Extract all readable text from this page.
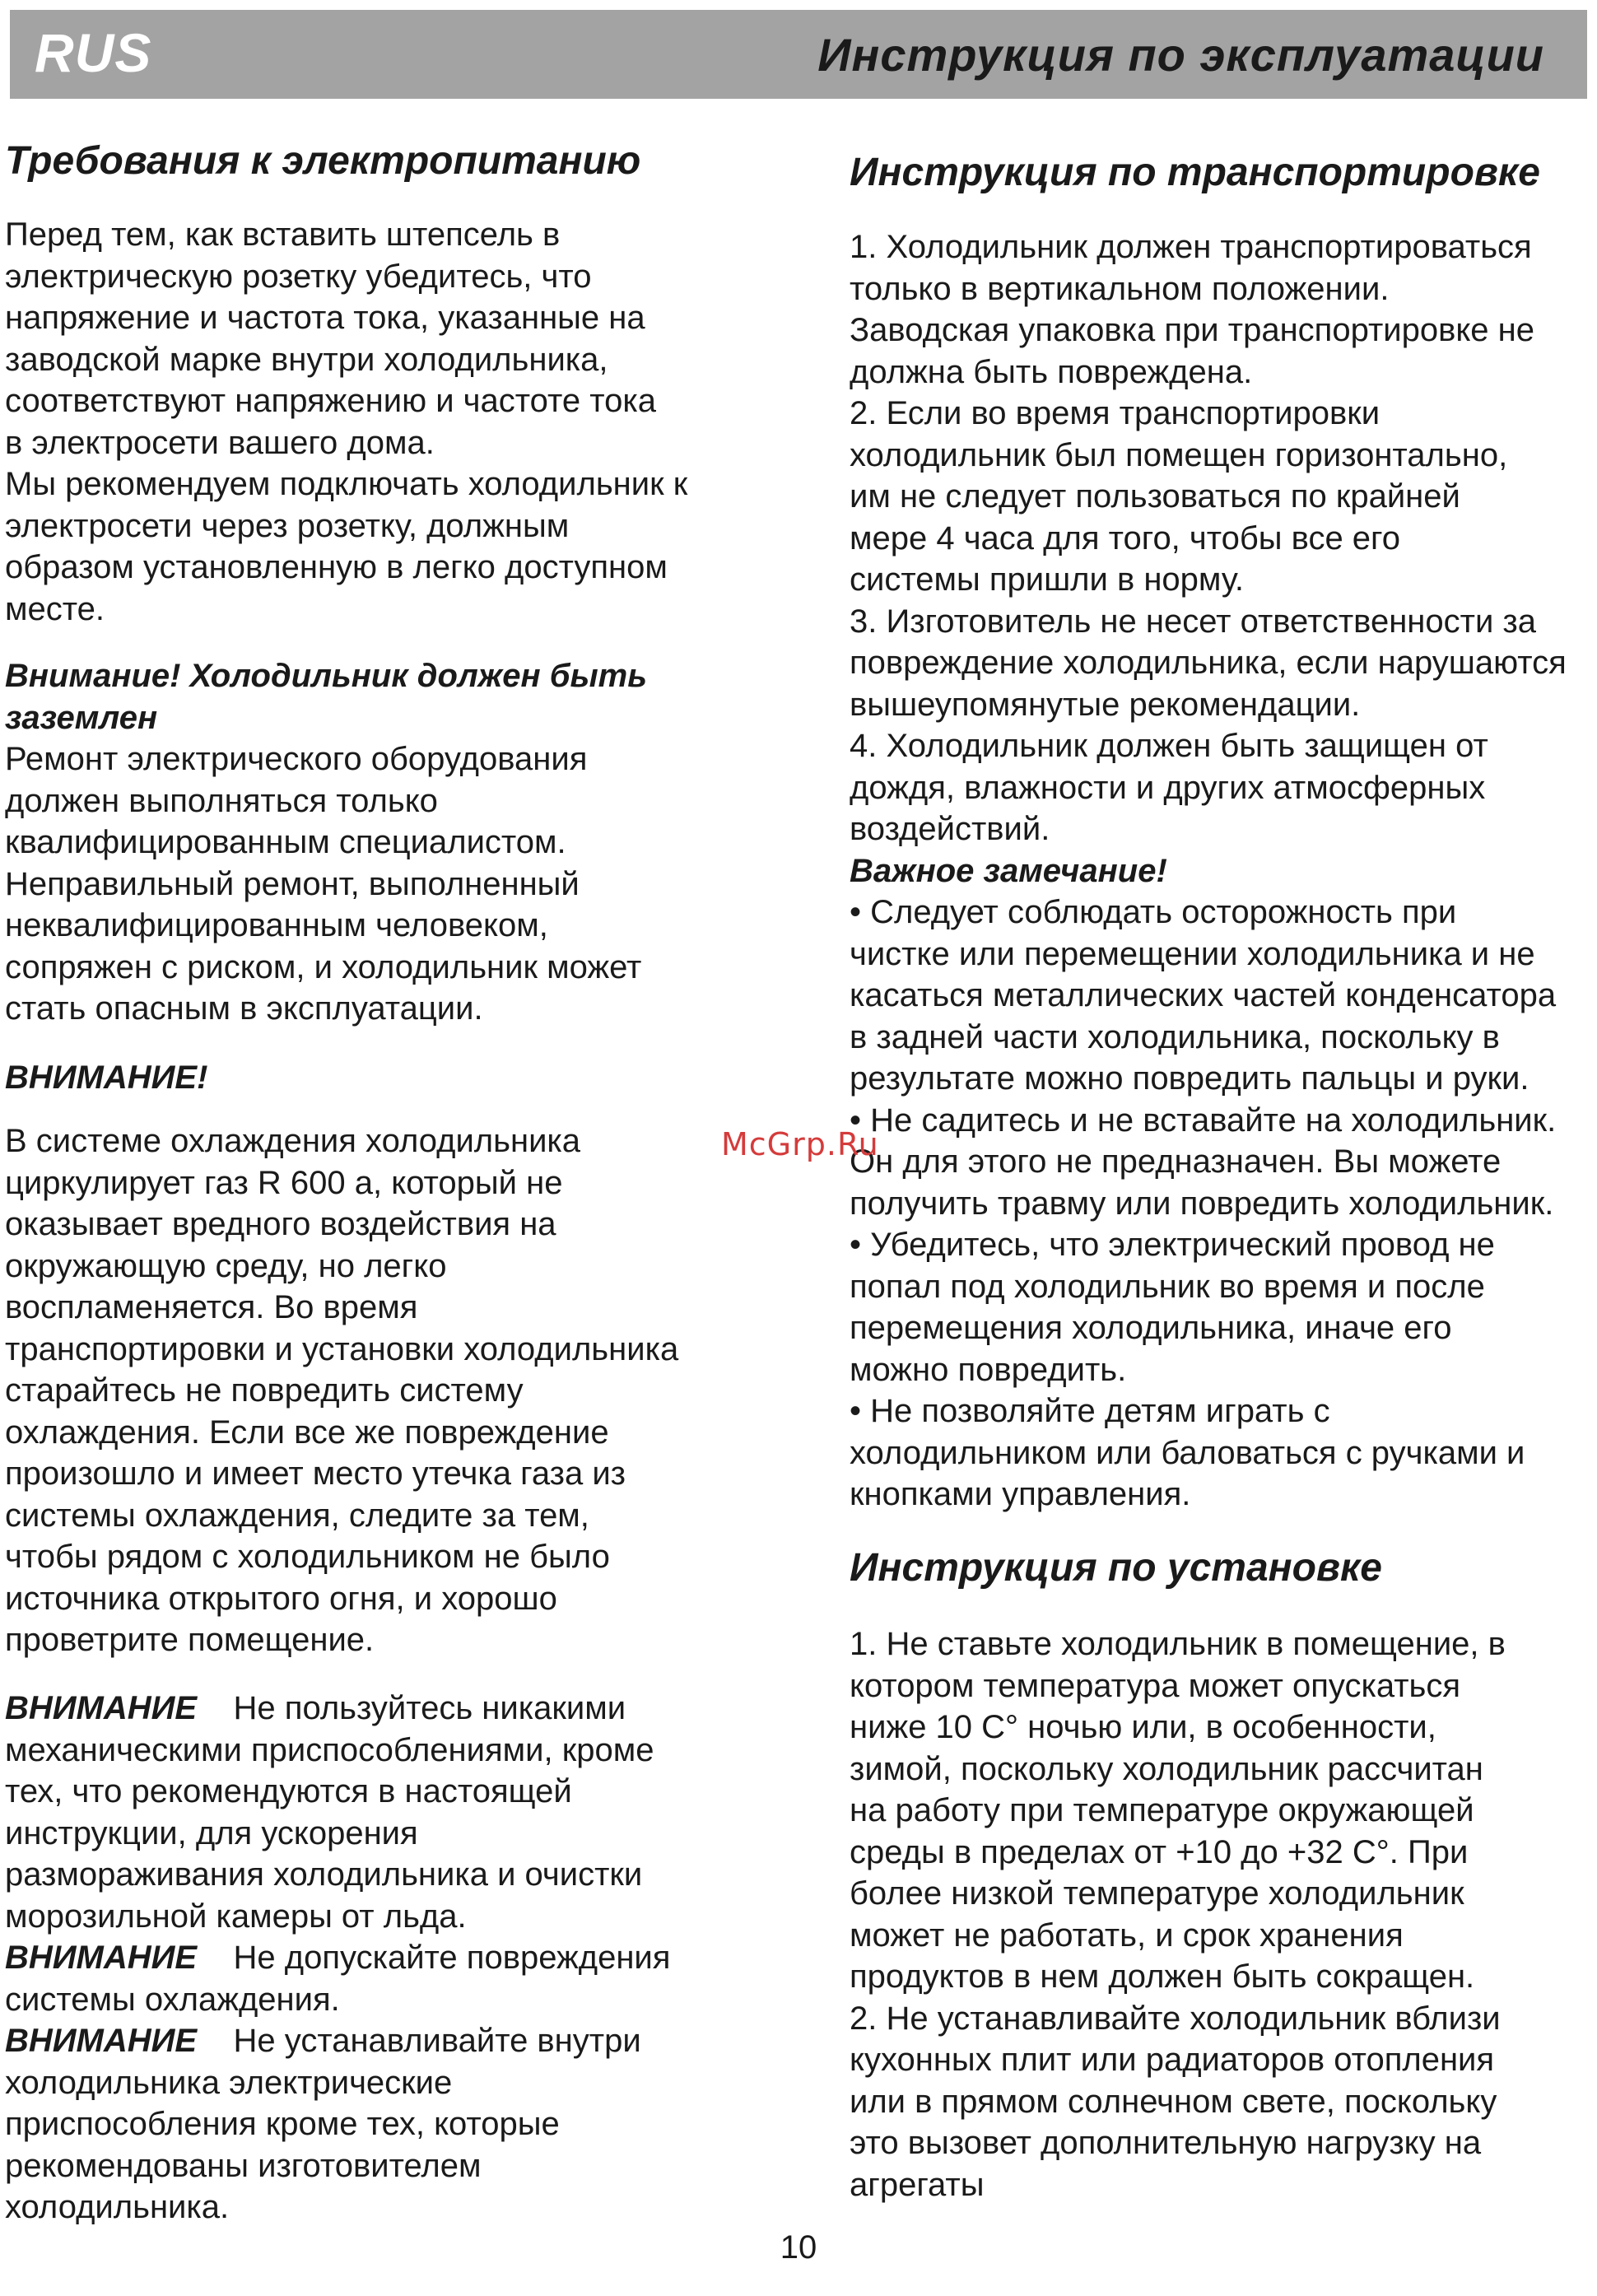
RUS	Инструкция по эксплуатации
Требования к электропитанию
Перед тем, как вставить штепсель в
электрическую розетку убедитесь, что
напряжение и частота тока, указанные на
заводской марке внутри холодильника,
соответствуют напряжению и частоте тока
в электросети вашего дома.
Мы рекомендуем подключать холодильник к
электросети через розетку, должным
образом установленную в легко доступном
месте.
Внимание! Холодильник должен быть
заземлен
Ремонт электрического оборудования
должен выполняться только
квалифицированным специалистом.
Неправильный ремонт, выполненный
неквалифицированным человеком,
сопряжен с риском, и холодильник может
стать опасным в эксплуатации.
ВНИМАНИЕ!
В системе охлаждения холодильника
циркулирует газ R 600 а, который не
оказывает вредного воздействия на
окружающую среду, но легко
воспламеняется. Во время
транспортировки и установки холодильника
старайтесь не повредить систему
охлаждения. Если все же повреждение
произошло и имеет место утечка газа из
системы охлаждения, следите за тем,
чтобы рядом с холодильником не было
источника открытого огня, и хорошо
проветрите помещение.
ВНИМАНИЕ Не пользуйтесь никакими
механическими приспособлениями, кроме
тех, что рекомендуются в настоящей
инструкции, для ускорения
размораживания холодильника и очистки
морозильной камеры от льда.
ВНИМАНИЕ Не допускайте повреждения
системы охлаждения.
ВНИМАНИЕ Не устанавливайте внутри
холодильника электрические
приспособления кроме тех, которые
рекомендованы изготовителем
холодильника.
Инструкция по транспортировке
1. Холодильник должен транспортироваться
только в вертикальном положении.
Заводская упаковка при транспортировке не
должна быть повреждена.
2. Если во время транспортировки
холодильник был помещен горизонтально,
им не следует пользоваться по крайней
мере 4 часа для того, чтобы все его
системы пришли в норму.
3. Изготовитель не несет ответственности за
повреждение холодильника, если нарушаются
вышеупомянутые рекомендации.
4. Холодильник должен быть защищен от
дождя, влажности и других атмосферных
воздействий.
Важное замечание!
• Следует соблюдать осторожность при
чистке или перемещении холодильника и не
касаться металлических частей конденсатора
в задней части холодильника, поскольку в
результате можно повредить пальцы и руки.
• Не садитесь и не вставайте на холодильник.
Он для этого не предназначен. Вы можете
получить травму или повредить холодильник.
• Убедитесь, что электрический провод не
попал под холодильник во время и после
перемещения холодильника, иначе его
можно повредить.
• Не позволяйте детям играть с
холодильником или баловаться с ручками и
кнопками управления.
Инструкция по установке
1. Не ставьте холодильник в помещение, в
котором температура может опускаться
ниже 10 С° ночью или, в особенности,
зимой, поскольку холодильник рассчитан
на работу при температуре окружающей
среды в пределах от +10 до +32 С°. При
более низкой температуре холодильник
может не работать, и срок хранения
продуктов в нем должен быть сокращен.
2. Не устанавливайте холодильник вблизи
кухонных плит или радиаторов отопления
или в прямом солнечном свете, поскольку
это вызовет дополнительную нагрузку на
агрегаты
McGrp.Ru
10
